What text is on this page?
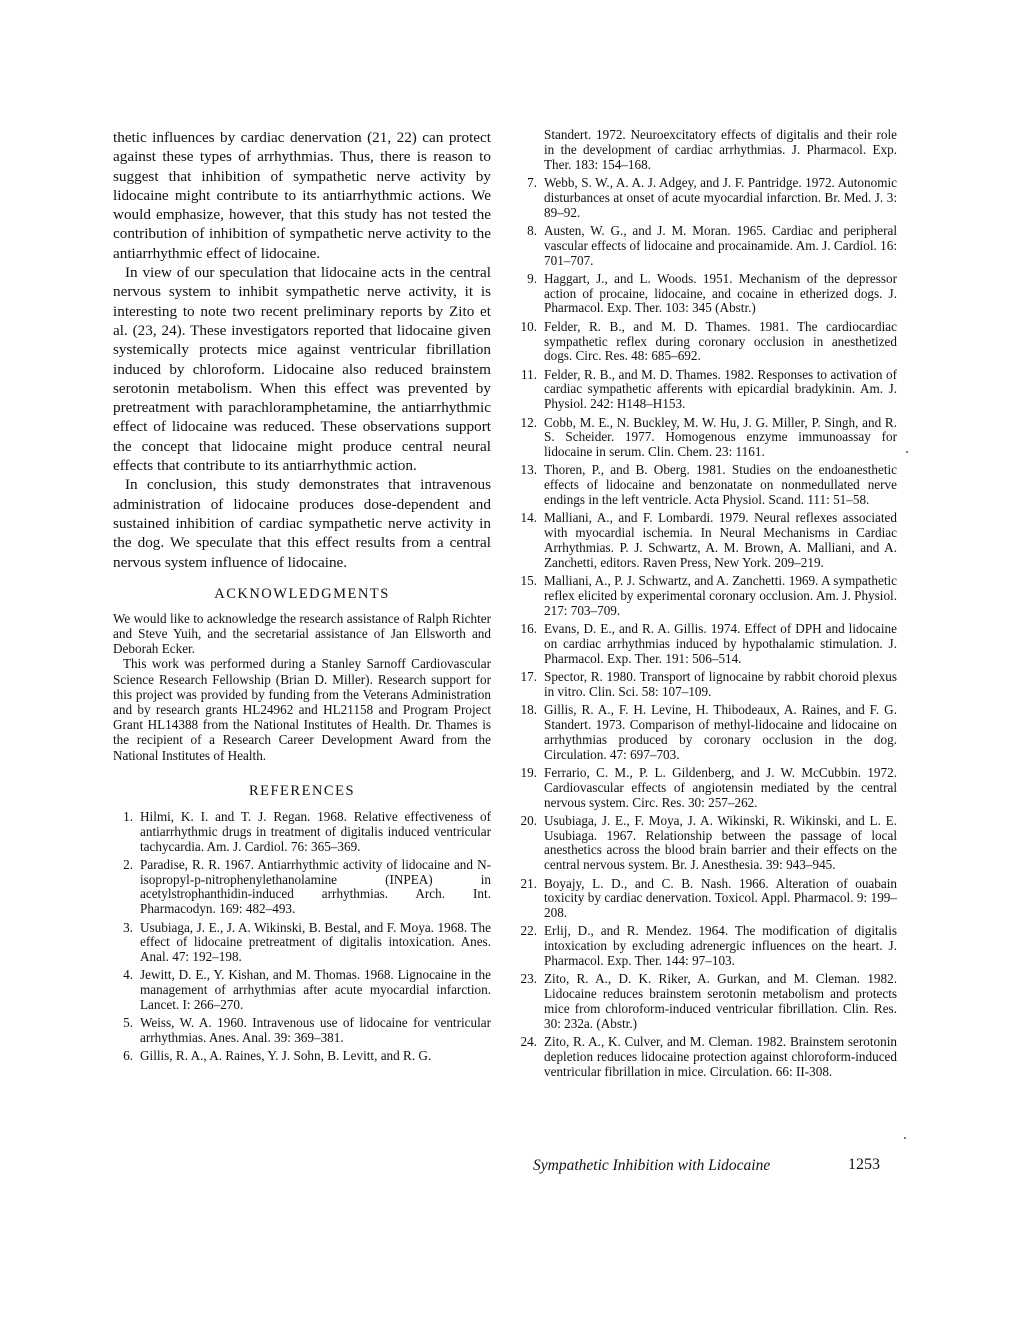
thetic influences by cardiac denervation (21, 22) can protect against these types of arrhythmias. Thus, there is reason to suggest that inhibition of sympathetic nerve activity by lidocaine might contribute to its antiarrhythmic actions. We would emphasize, however, that this study has not tested the contribution of inhibition of sympathetic nerve activity to the antiarrhythmic effect of lidocaine.

In view of our speculation that lidocaine acts in the central nervous system to inhibit sympathetic nerve activity, it is interesting to note two recent preliminary reports by Zito et al. (23, 24). These investigators reported that lidocaine given systemically protects mice against ventricular fibrillation induced by chloroform. Lidocaine also reduced brainstem serotonin metabolism. When this effect was prevented by pretreatment with parachloramphetamine, the antiarrhythmic effect of lidocaine was reduced. These observations support the concept that lidocaine might produce central neural effects that contribute to its antiarrhythmic action.

In conclusion, this study demonstrates that intravenous administration of lidocaine produces dose-dependent and sustained inhibition of cardiac sympathetic nerve activity in the dog. We speculate that this effect results from a central nervous system influence of lidocaine.

ACKNOWLEDGMENTS

We would like to acknowledge the research assistance of Ralph Richter and Steve Yuih, and the secretarial assistance of Jan Ellsworth and Deborah Ecker.

This work was performed during a Stanley Sarnoff Cardiovascular Science Research Fellowship (Brian D. Miller). Research support for this project was provided by funding from the Veterans Administration and by research grants HL24962 and HL21158 and Program Project Grant HL14388 from the National Institutes of Health. Dr. Thames is the recipient of a Research Career Development Award from the National Institutes of Health.

REFERENCES
1. Hilmi, K. I. and T. J. Regan. 1968. Relative effectiveness of antiarrhythmic drugs in treatment of digitalis induced ventricular tachycardia. Am. J. Cardiol. 76: 365–369.
2. Paradise, R. R. 1967. Antiarrhythmic activity of lidocaine and N-isopropyl-p-nitrophenylethanolamine (INPEA) in acetylstrophanthidin-induced arrhythmias. Arch. Int. Pharmacodyn. 169: 482–493.
3. Usubiaga, J. E., J. A. Wikinski, B. Bestal, and F. Moya. 1968. The effect of lidocaine pretreatment of digitalis intoxication. Anes. Anal. 47: 192–198.
4. Jewitt, D. E., Y. Kishan, and M. Thomas. 1968. Lignocaine in the management of arrhythmias after acute myocardial infarction. Lancet. I: 266–270.
5. Weiss, W. A. 1960. Intravenous use of lidocaine for ventricular arrhythmias. Anes. Anal. 39: 369–381.
6. Gillis, R. A., A. Raines, Y. J. Sohn, B. Levitt, and R. G.

Standert. 1972. Neuroexcitatory effects of digitalis and their role in the development of cardiac arrhythmias. J. Pharmacol. Exp. Ther. 183: 154–168.

7. Webb, S. W., A. A. J. Adgey, and J. F. Pantridge. 1972. Autonomic disturbances at onset of acute myocardial infarction. Br. Med. J. 3: 89–92.
8. Austen, W. G., and J. M. Moran. 1965. Cardiac and peripheral vascular effects of lidocaine and procainamide. Am. J. Cardiol. 16: 701–707.
9. Haggart, J., and L. Woods. 1951. Mechanism of the depressor action of procaine, lidocaine, and cocaine in etherized dogs. J. Pharmacol. Exp. Ther. 103: 345 (Abstr.)
10. Felder, R. B., and M. D. Thames. 1981. The cardiocardiac sympathetic reflex during coronary occlusion in anesthetized dogs. Circ. Res. 48: 685–692.
11. Felder, R. B., and M. D. Thames. 1982. Responses to activation of cardiac sympathetic afferents with epicardial bradykinin. Am. J. Physiol. 242: H148–H153.
12. Cobb, M. E., N. Buckley, M. W. Hu, J. G. Miller, P. Singh, and R. S. Scheider. 1977. Homogenous enzyme immunoassay for lidocaine in serum. Clin. Chem. 23: 1161.
13. Thoren, P., and B. Oberg. 1981. Studies on the endoanesthetic effects of lidocaine and benzonatate on nonmedullated nerve endings in the left ventricle. Acta Physiol. Scand. 111: 51–58.
14. Malliani, A., and F. Lombardi. 1979. Neural reflexes associated with myocardial ischemia. In Neural Mechanisms in Cardiac Arrhythmias. P. J. Schwartz, A. M. Brown, A. Malliani, and A. Zanchetti, editors. Raven Press, New York. 209–219.
15. Malliani, A., P. J. Schwartz, and A. Zanchetti. 1969. A sympathetic reflex elicited by experimental coronary occlusion. Am. J. Physiol. 217: 703–709.
16. Evans, D. E., and R. A. Gillis. 1974. Effect of DPH and lidocaine on cardiac arrhythmias induced by hypothalamic stimulation. J. Pharmacol. Exp. Ther. 191: 506–514.
17. Spector, R. 1980. Transport of lignocaine by rabbit choroid plexus in vitro. Clin. Sci. 58: 107–109.
18. Gillis, R. A., F. H. Levine, H. Thibodeaux, A. Raines, and F. G. Standert. 1973. Comparison of methyl-lidocaine and lidocaine on arrhythmias produced by coronary occlusion in the dog. Circulation. 47: 697–703.
19. Ferrario, C. M., P. L. Gildenberg, and J. W. McCubbin. 1972. Cardiovascular effects of angiotensin mediated by the central nervous system. Circ. Res. 30: 257–262.
20. Usubiaga, J. E., F. Moya, J. A. Wikinski, R. Wikinski, and L. E. Usubiaga. 1967. Relationship between the passage of local anesthetics across the blood brain barrier and their effects on the central nervous system. Br. J. Anesthesia. 39: 943–945.
21. Boyajy, L. D., and C. B. Nash. 1966. Alteration of ouabain toxicity by cardiac denervation. Toxicol. Appl. Pharmacol. 9: 199–208.
22. Erlij, D., and R. Mendez. 1964. The modification of digitalis intoxication by excluding adrenergic influences on the heart. J. Pharmacol. Exp. Ther. 144: 97–103.
23. Zito, R. A., D. K. Riker, A. Gurkan, and M. Cleman. 1982. Lidocaine reduces brainstem serotonin metabolism and protects mice from chloroform-induced ventricular fibrillation. Clin. Res. 30: 232a. (Abstr.)
24. Zito, R. A., K. Culver, and M. Cleman. 1982. Brainstem serotonin depletion reduces lidocaine protection against chloroform-induced ventricular fibrillation in mice. Circulation. 66: II-308.
Sympathetic Inhibition with Lidocaine	1253
